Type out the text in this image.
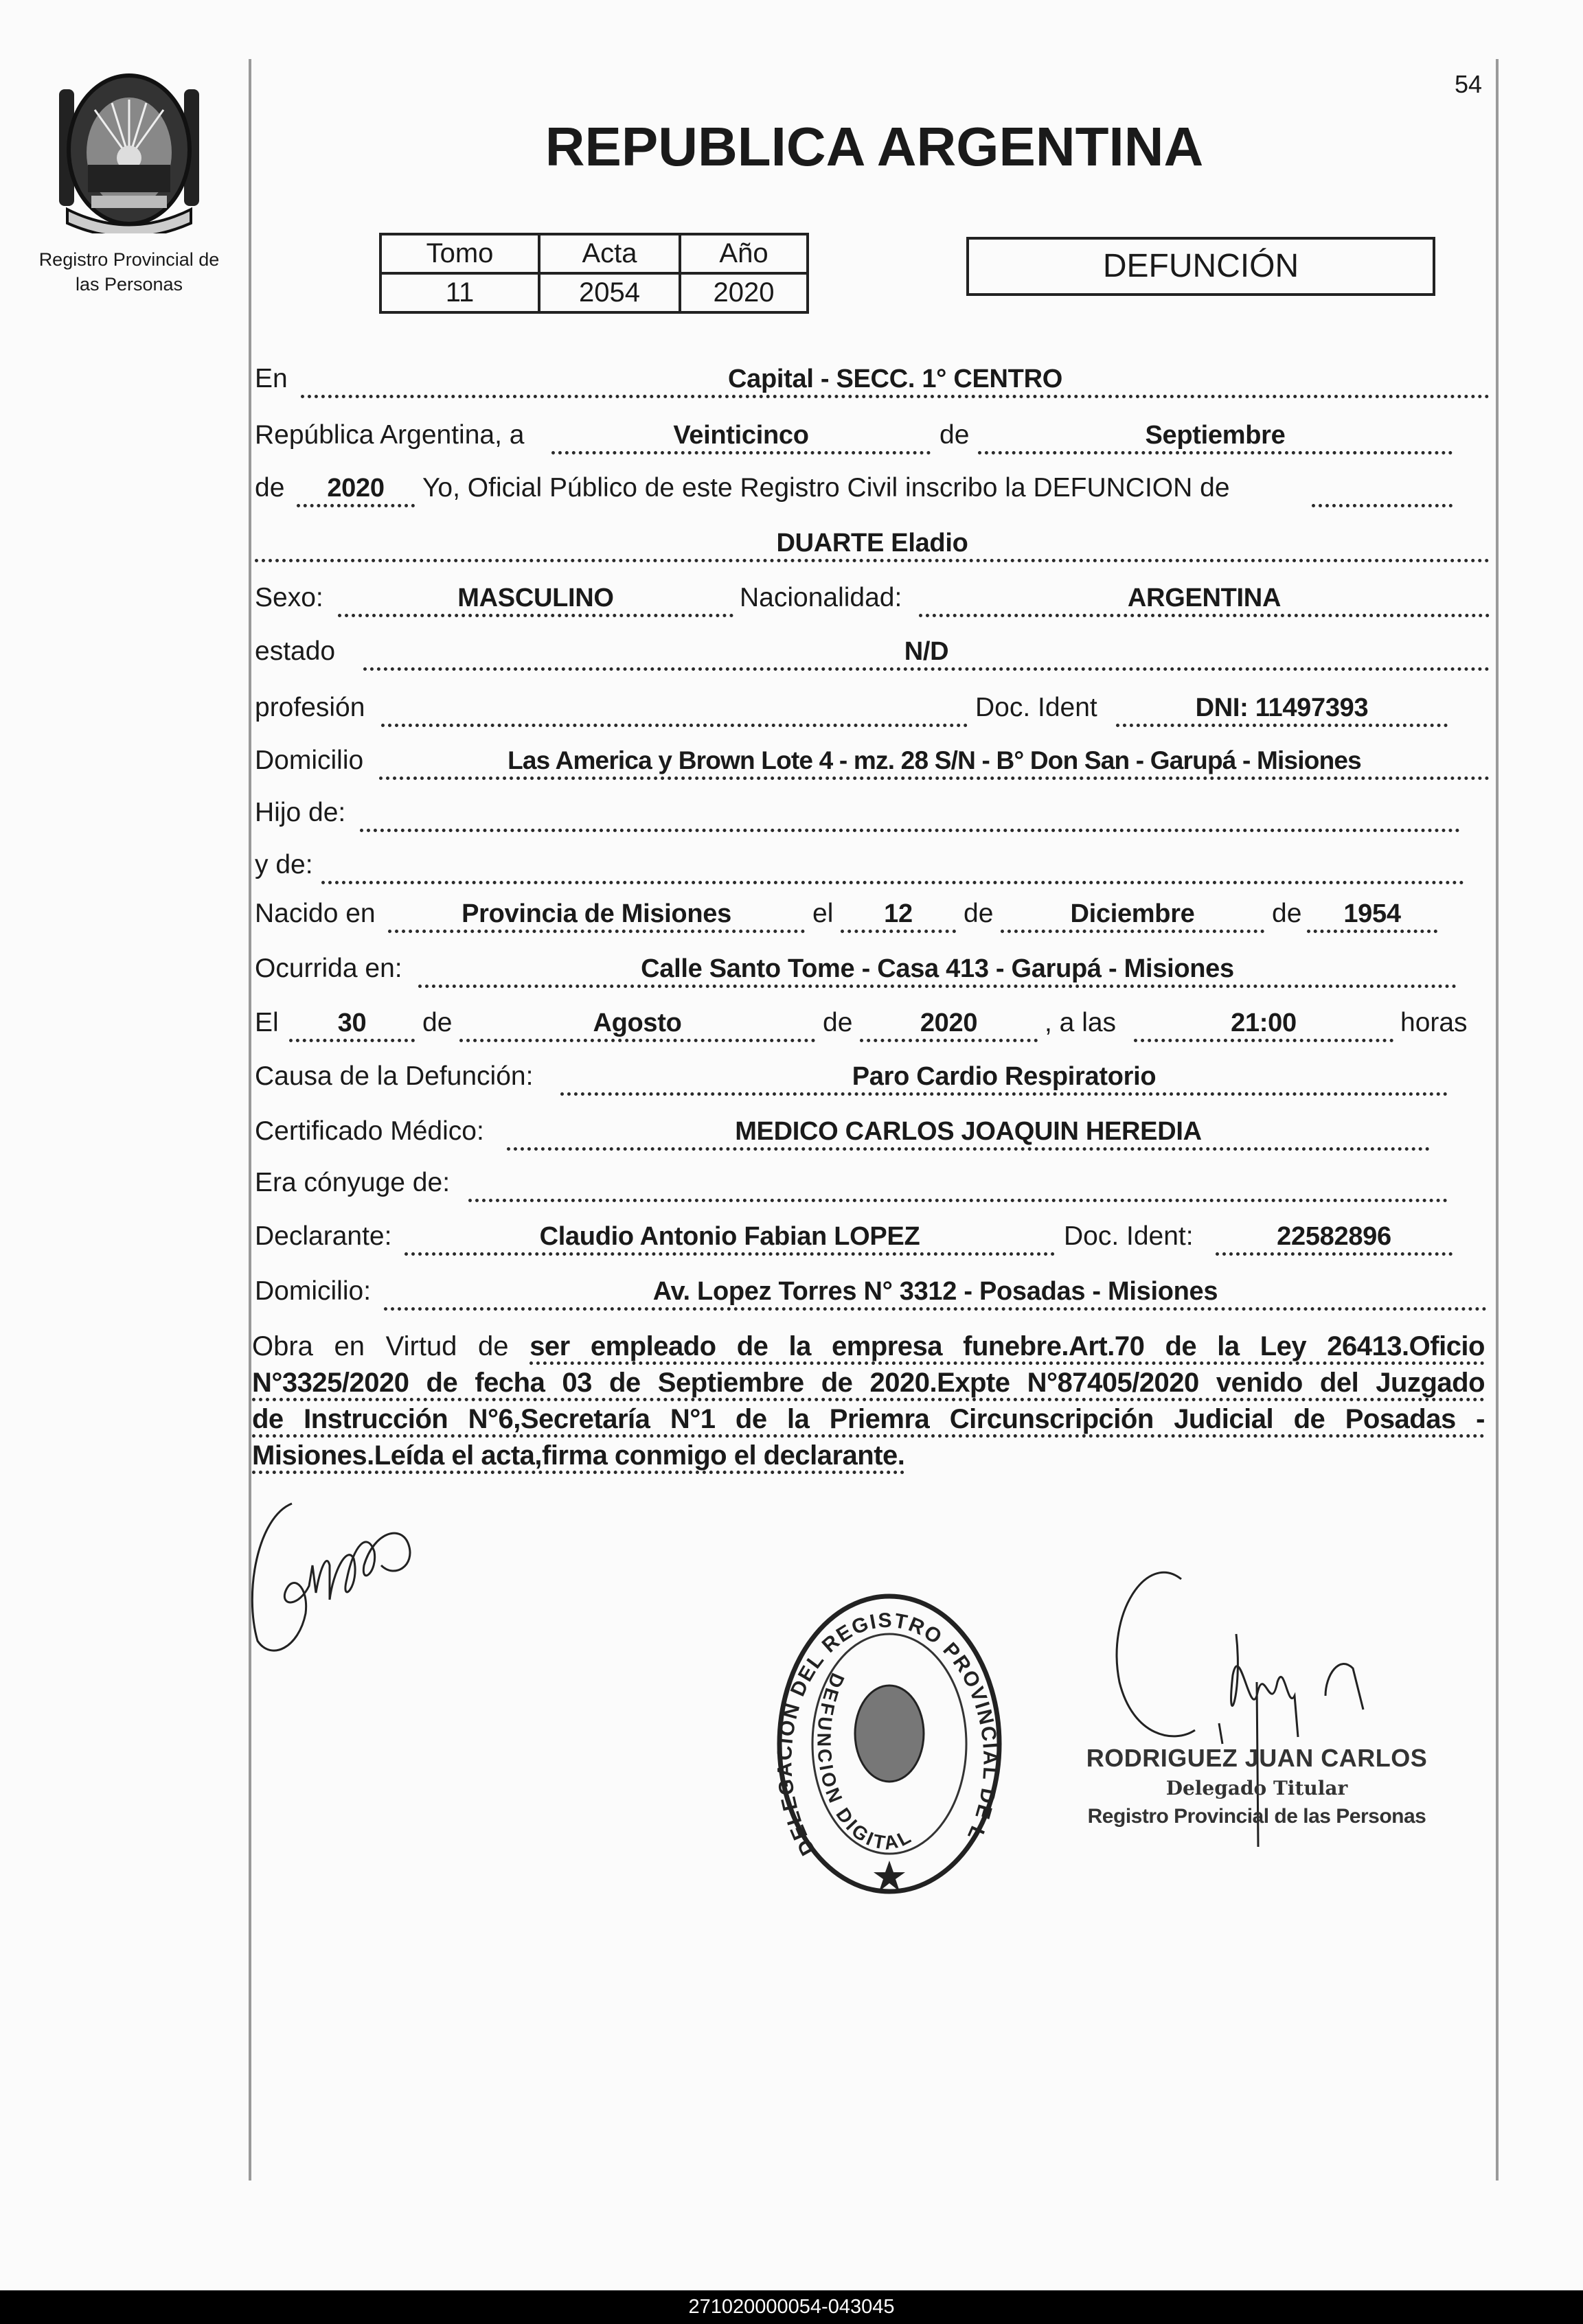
Registro Provincial de
las Personas
54
REPUBLICA ARGENTINA
Tomo	Acta	Año
11	2054	2020
DEFUNCIÓN
En	Capital - SECC. 1° CENTRO
República Argentina, a	Veinticinco	de	Septiembre
de	2020	Yo, Oficial Público de este Registro Civil inscribo la DEFUNCION de
DUARTE Eladio
Sexo:	MASCULINO	Nacionalidad:	ARGENTINA
estado	N/D
profesión	Doc. Ident	DNI: 11497393
Domicilio	Las America y Brown Lote 4 - mz. 28 S/N - B° Don San - Garupá - Misiones
Hijo de:
y de:
Nacido en	Provincia de Misiones	el	12	de	Diciembre	de	1954
Ocurrida en:	Calle Santo Tome - Casa 413 - Garupá - Misiones
El	30	de	Agosto	de	2020	, a las	21:00	horas
Causa de la Defunción:	Paro Cardio Respiratorio
Certificado Médico:	MEDICO CARLOS JOAQUIN HEREDIA
Era cónyuge de:
Declarante:	Claudio Antonio Fabian LOPEZ	Doc. Ident:	22582896
Domicilio:	Av. Lopez Torres N° 3312 - Posadas - Misiones
Obra en Virtud de ser empleado de la empresa funebre.Art.70 de la Ley 26413.Oficio
N°3325/2020 de fecha 03 de Septiembre de 2020.Expte N°87405/2020 venido del Juzgado
de Instrucción N°6,Secretaría N°1 de la Priemra Circunscripción Judicial de Posadas -
Misiones.Leída el acta,firma conmigo el declarante.
DELEGACION DEL REGISTRO PROVINCIAL DE L
DEFUNCION DIGITAL
RODRIGUEZ JUAN CARLOS
Delegado Titular
Registro Provincial de las Personas
271020000054-043045
